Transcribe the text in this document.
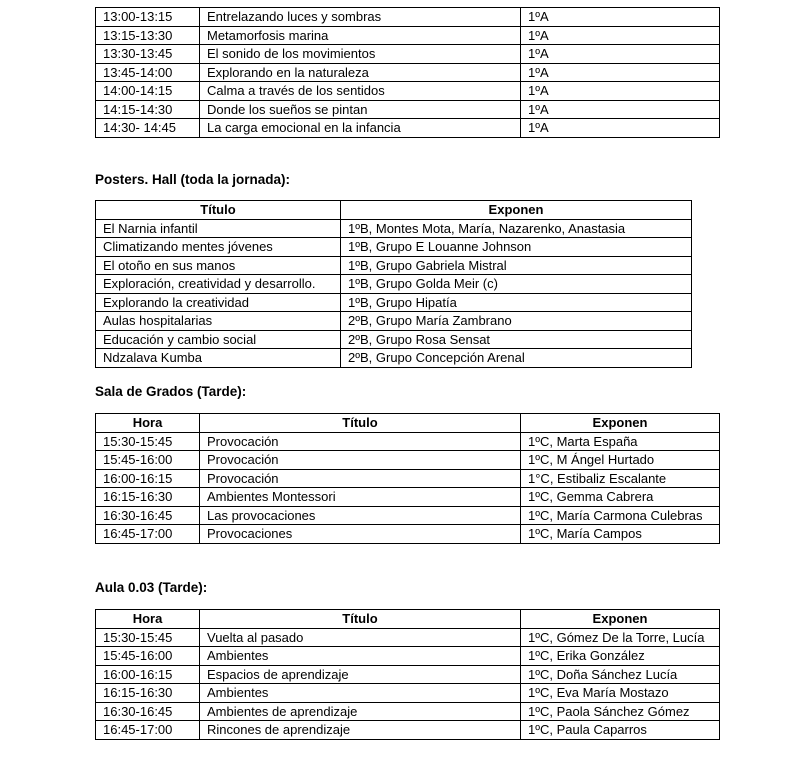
13:00-13:15	Entrelazando luces y sombras	1ºA
13:15-13:30	Metamorfosis marina	1ºA
13:30-13:45	El sonido de los movimientos	1ºA
13:45-14:00	Explorando en la naturaleza	1ºA
14:00-14:15	Calma a través de los sentidos	1ºA
14:15-14:30	Donde los sueños se pintan	1ºA
14:30- 14:45	La carga emocional en la infancia	1ºA
Posters. Hall (toda la jornada):
Título	Exponen
El Narnia infantil	1ºB, Montes Mota, María, Nazarenko, Anastasia
Climatizando mentes jóvenes	1ºB, Grupo E Louanne Johnson
El otoño en sus manos	1ºB, Grupo Gabriela Mistral
Exploración, creatividad y desarrollo.	1ºB, Grupo Golda Meir (c)
Explorando la creatividad	1ºB, Grupo Hipatía
Aulas hospitalarias	2ºB, Grupo María Zambrano
Educación y cambio social	2ºB, Grupo Rosa Sensat
Ndzalava Kumba	2ºB, Grupo Concepción Arenal
Sala de Grados (Tarde):
Hora	Título	Exponen
15:30-15:45	Provocación	1ºC, Marta España
15:45-16:00	Provocación	1ºC, M Ángel Hurtado
16:00-16:15	Provocación	1°C, Estibaliz Escalante
16:15-16:30	Ambientes Montessori	1ºC, Gemma Cabrera
16:30-16:45	Las provocaciones	1ºC, María Carmona Culebras
16:45-17:00	Provocaciones	1ºC, María Campos
Aula 0.03 (Tarde):
Hora	Título	Exponen
15:30-15:45	Vuelta al pasado	1ºC, Gómez De la Torre, Lucía
15:45-16:00	Ambientes	1ºC, Erika González
16:00-16:15	Espacios de aprendizaje	1ºC, Doña Sánchez Lucía
16:15-16:30	Ambientes	1ºC, Eva María Mostazo
16:30-16:45	Ambientes de aprendizaje	1ºC, Paola Sánchez Gómez
16:45-17:00	Rincones de aprendizaje	1ºC, Paula Caparros
